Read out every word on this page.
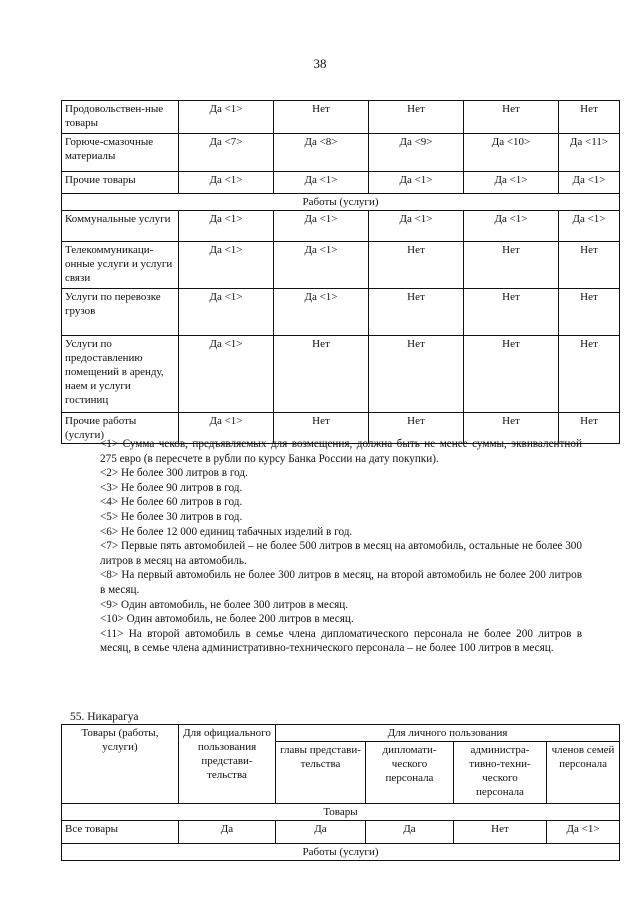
38
Продовольствен-ные товары	Да <1>	Нет	Нет	Нет	Нет
Горюче-смазочные материалы	Да <7>	Да <8>	Да <9>	Да <10>	Да <11>
Прочие товары	Да <1>	Да <1>	Да <1>	Да <1>	Да <1>
Работы (услуги)					
Коммунальные услуги	Да <1>	Да <1>	Да <1>	Да <1>	Да <1>
Телекоммуникаци-онные услуги и услуги связи	Да <1>	Да <1>	Нет	Нет	Нет
Услуги по перевозке грузов	Да <1>	Да <1>	Нет	Нет	Нет
Услуги по предоставлению помещений в аренду, наем и услуги гостиниц	Да <1>	Нет	Нет	Нет	Нет
Прочие работы (услуги)	Да <1>	Нет	Нет	Нет	Нет
<1> Сумма чеков, предъявляемых для возмещения, должна быть не менее суммы, эквивалентной 275 евро (в пересчете в рубли по курсу Банка России на дату покупки).
<2> Не более 300 литров в год.
<3> Не более 90 литров в год.
<4> Не более 60 литров в год.
<5> Не более 30 литров в год.
<6> Не более 12 000 единиц табачных изделий в год.
<7> Первые пять автомобилей – не более 500 литров в месяц на автомобиль, остальные не более 300 литров в месяц на автомобиль.
<8> На первый автомобиль не более 300 литров в месяц, на второй автомобиль не более 200 литров в месяц.
<9> Один автомобиль, не более 300 литров в месяц.
<10> Один автомобиль, не более 200 литров в месяц.
<11> На второй автомобиль в семье члена дипломатического персонала не более 200 литров в месяц, в семье члена административно-технического персонала – не более 100 литров в месяц.
55. Никарагуа
Товары (работы, услуги)	Для официального пользования представи-тельства	Для личного пользования			
		главы представи-тельства	дипломати-ческого персонала	администра-тивно-техни-ческого персонала	членов семей персонала
Товары					
Все товары	Да	Да	Да	Нет	Да <1>
Работы (услуги)					
